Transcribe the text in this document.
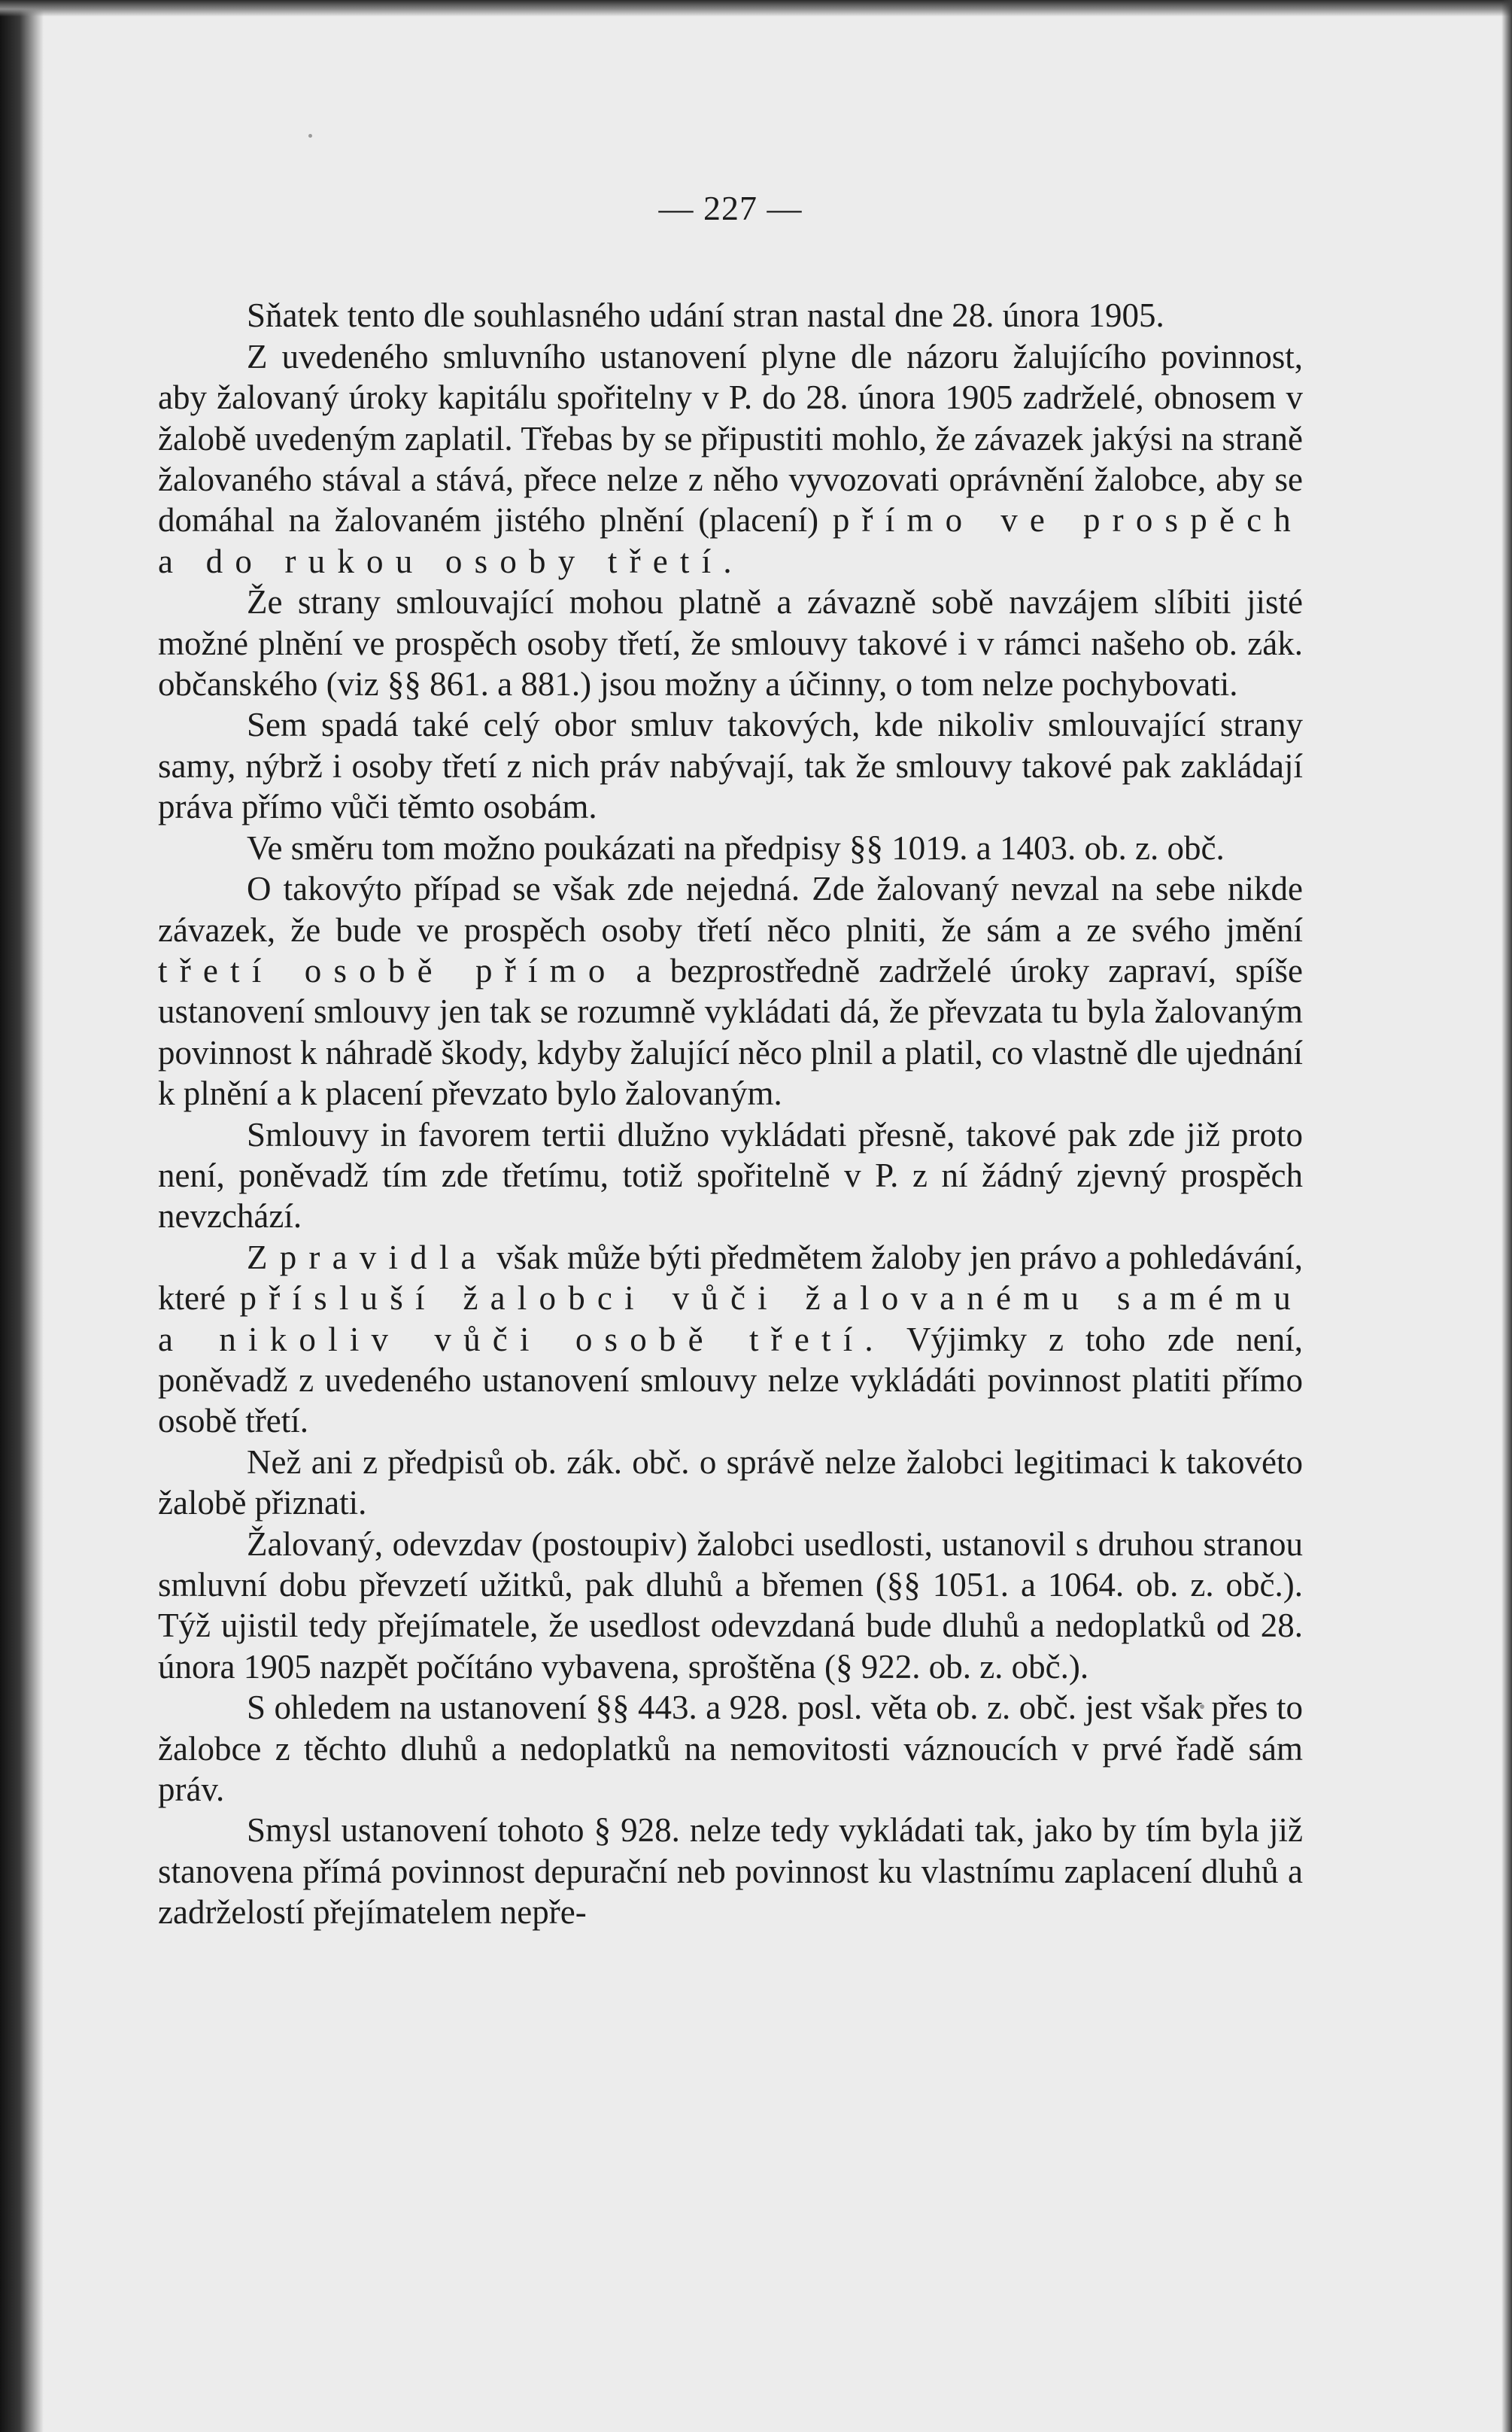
— 227 —

Sňatek tento dle souhlasného udání stran nastal dne 28. února 1905.

Z uvedeného smluvního ustanovení plyne dle názoru žalujícího povinnost, aby žalovaný úroky kapitálu spořitelny v P. do 28. února 1905 zadrželé, obnosem v žalobě uvedeným zaplatil. Třebas by se připustiti mohlo, že závazek jakýsi na straně žalovaného stával a stává, přece nelze z něho vyvozovati oprávnění žalobce, aby se domáhal na žalovaném jistého plnění (placení) přímo ve prospěch a do rukou osoby třetí.

Že strany smlouvající mohou platně a závazně sobě navzájem slíbiti jisté možné plnění ve prospěch osoby třetí, že smlouvy takové i v rámci našeho ob. zák. občanského (viz §§ 861. a 881.) jsou možny a účinny, o tom nelze pochybovati.

Sem spadá také celý obor smluv takových, kde nikoliv smlouvající strany samy, nýbrž i osoby třetí z nich práv nabývají, tak že smlouvy takové pak zakládají práva přímo vůči těmto osobám.

Ve směru tom možno poukázati na předpisy §§ 1019. a 1403. ob. z. obč.

O takovýto případ se však zde nejedná. Zde žalovaný nevzal na sebe nikde závazek, že bude ve prospěch osoby třetí něco plniti, že sám a ze svého jmění třetí osobě přímo a bezprostředně zadrželé úroky zapraví, spíše ustanovení smlouvy jen tak se rozumně vykládati dá, že převzata tu byla žalovaným povinnost k náhradě škody, kdyby žalující něco plnil a platil, co vlastně dle ujednání k plnění a k placení převzato bylo žalovaným.

Smlouvy in favorem tertii dlužno vykládati přesně, takové pak zde již proto není, poněvadž tím zde třetímu, totiž spořitelně v P. z ní žádný zjevný prospěch nevzchází.

Zpravidla však může býti předmětem žaloby jen právo a pohledávání, které přísluší žalobci vůči žalovanému samému a nikoliv vůči osobě třetí. Výjimky z toho zde není, poněvadž z uvedeného ustanovení smlouvy nelze vykládáti povinnost platiti přímo osobě třetí.

Než ani z předpisů ob. zák. obč. o správě nelze žalobci legitimaci k takovéto žalobě přiznati.

Žalovaný, odevzdav (postoupiv) žalobci usedlosti, ustanovil s druhou stranou smluvní dobu převzetí užitků, pak dluhů a břemen (§§ 1051. a 1064. ob. z. obč.). Týž ujistil tedy přejímatele, že usedlost odevzdaná bude dluhů a nedoplatků od 28. února 1905 nazpět počítáno vybavena, sproštěna (§ 922. ob. z. obč.).

S ohledem na ustanovení §§ 443. a 928. posl. věta ob. z. obč. jest však přes to žalobce z těchto dluhů a nedoplatků na nemovitosti váznoucích v prvé řadě sám práv.

Smysl ustanovení tohoto § 928. nelze tedy vykládati tak, jako by tím byla již stanovena přímá povinnost depurační neb povinnost ku vlastnímu zaplacení dluhů a zadrželostí přejímatelem nepře-
